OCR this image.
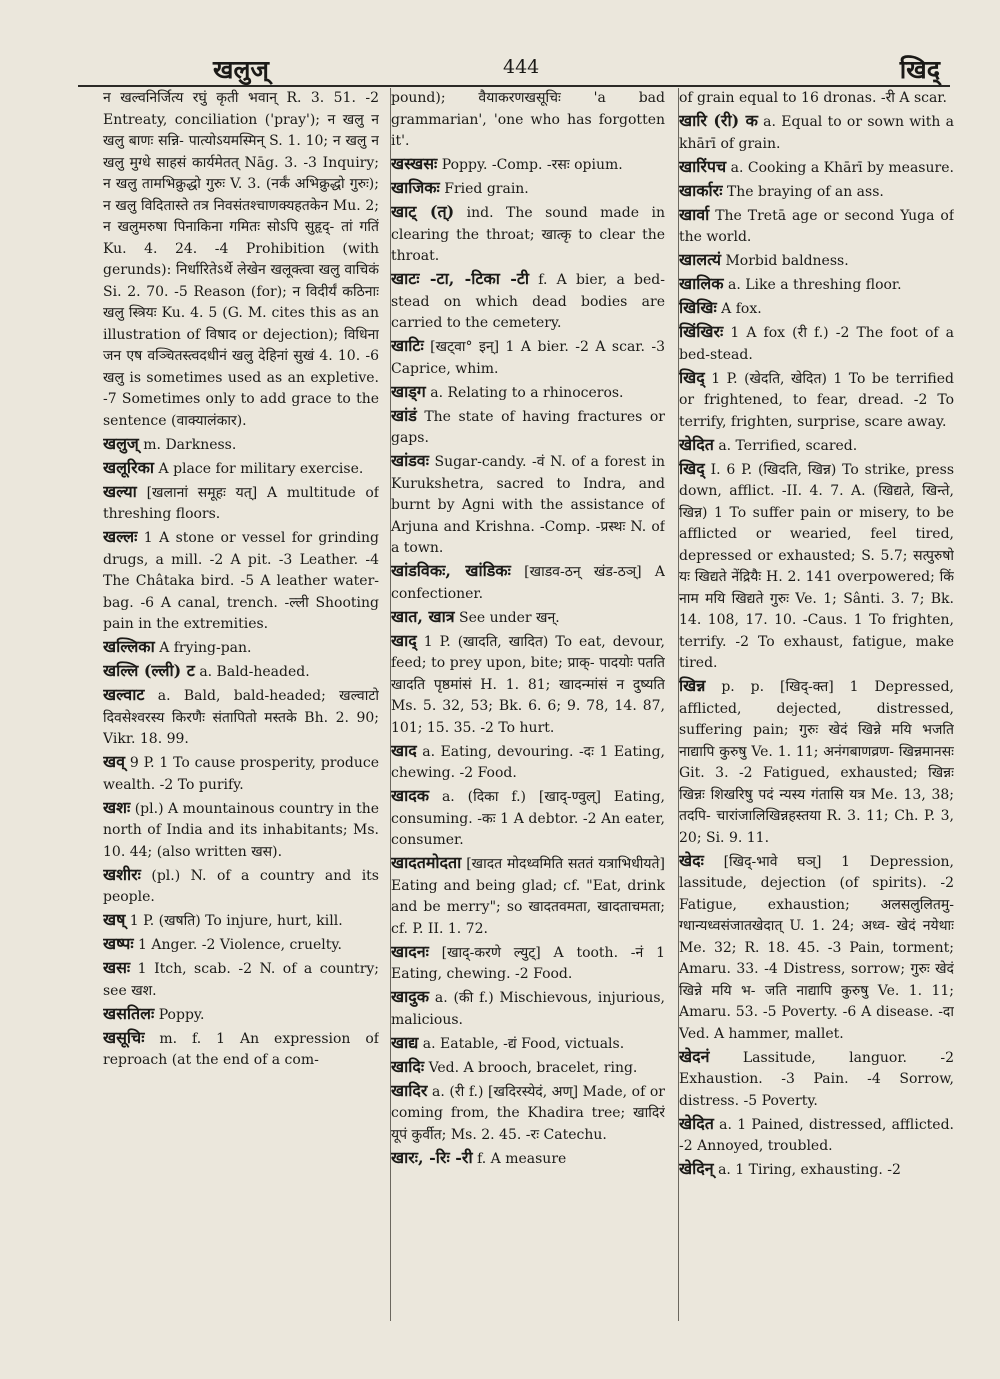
खलुज्	444	खिद्

न खल्वनिर्जित्य रघुं कृती भवान् R. 3. 51. -2 Entreaty, conciliation ('pray'); न खलु न खलु बाणः सन्नि- पात्योऽयमस्मिन् S. 1. 10; न खलु न खलु मुग्धे साहसं कार्यमेतत् Nāg. 3. -3 Inquiry; न खलु तामभिक्रुद्धो गुरुः V. 3. (नर्कं अभिक्रुद्धो गुरुः); न खलु विदितास्ते तत्र निवसंतश्चाणक्यहतकेन Mu. 2; न खलुमरुषा पिनाकिना गमितः सोऽपि सुहृद्- तां गतिं Ku. 4. 24. -4 Prohibition (with gerunds): निर्धारितेऽर्थे लेखेन खलूक्त्वा खलु वाचिकं Si. 2. 70. -5 Reason (for); न विदीर्यं कठिनाः खलु स्त्रियः Ku. 4. 5 (G. M. cites this as an illustration of विषाद or dejection); विधिना जन एष वञ्चितस्त्वदधीनं खलु देहिनां सुखं 4. 10. -6 खलु is sometimes used as an expletive. -7 Sometimes only to add grace to the sentence (वाक्यालंकार).

खलुज् m. Darkness.

खलूरिका A place for military exercise.

खल्या [खलानां समूहः यत्] A multitude of threshing floors.

खल्लः 1 A stone or vessel for grinding drugs, a mill. -2 A pit. -3 Leather. -4 The Châtaka bird. -5 A leather water-bag. -6 A canal, trench. -ल्ली Shooting pain in the extremities.

खल्लिका A frying-pan.

खल्लि (ल्ली) ट a. Bald-headed.

खल्वाट a. Bald, bald-headed; खल्वाटो दिवसेश्वरस्य किरणैः संतापितो मस्तके Bh. 2. 90; Vikr. 18. 99.

खव् 9 P. 1 To cause prosperity, produce wealth. -2 To purify.

खशः (pl.) A mountainous country in the north of India and its inhabitants; Ms. 10. 44; (also written खस).

खशीरः (pl.) N. of a country and its people.

खष् 1 P. (खषति) To injure, hurt, kill.

खष्पः 1 Anger. -2 Violence, cruelty.

खसः 1 Itch, scab. -2 N. of a country; see खश.

खसतिलः Poppy.

खसूचिः m. f. 1 An expression of reproach (at the end of a com-

pound); वैयाकरणखसूचिः 'a bad grammarian', 'one who has forgotten it'.

खस्खसः Poppy. -Comp. -रसः opium.

खाजिकः Fried grain.

खाट् (त्) ind. The sound made in clearing the throat; खात्कृ to clear the throat.

खाटः -टा, -टिका -टी f. A bier, a bed-stead on which dead bodies are carried to the cemetery.

खाटिः [खट्वा° इन्] 1 A bier. -2 A scar. -3 Caprice, whim.

खाड्ग a. Relating to a rhinoceros.

खांडं The state of having fractures or gaps.

खांडवः Sugar-candy. -वं N. of a forest in Kurukshetra, sacred to Indra, and burnt by Agni with the assistance of Arjuna and Krishna. -Comp. -प्रस्थः N. of a town.

खांडविकः, खांडिकः [खाडव-ठन् खंड-ठञ्] A confectioner.

खात, खात्र See under खन्.

खाद् 1 P. (खादति, खादित) To eat, devour, feed; to prey upon, bite; प्राक्- पादयोः पतति खादति पृष्ठमांसं H. 1. 81; खादन्मांसं न दुष्यति Ms. 5. 32, 53; Bk. 6. 6; 9. 78, 14. 87, 101; 15. 35. -2 To hurt.

खाद a. Eating, devouring. -दः 1 Eating, chewing. -2 Food.

खादक a. (दिका f.) [खाद्-ण्वुल्] Eating, consuming. -कः 1 A debtor. -2 An eater, consumer.

खादतमोदता [खादत मोदध्वमिति सततं यत्राभिधीयते] Eating and being glad; cf. "Eat, drink and be merry"; so खादतवमता, खादताचमता; cf. P. II. 1. 72.

खादनः [खाद्-करणे ल्युट्] A tooth. -नं 1 Eating, chewing. -2 Food.

खादुक a. (की f.) Mischievous, injurious, malicious.

खाद्य a. Eatable, -द्यं Food, victuals.

खादिः Ved. A brooch, bracelet, ring.

खादिर a. (री f.) [खदिरस्येदं, अण्] Made, of or coming from, the Khadira tree; खादिरं यूपं कुर्वीत; Ms. 2. 45. -रः Catechu.

खारः, -रिः -री f. A measure

of grain equal to 16 dronas. -री A scar.

खारि (री) क a. Equal to or sown with a khārī of grain.

खारिंपच a. Cooking a Khārī by measure.

खार्कारः The braying of an ass.

खार्वा The Tretā age or second Yuga of the world.

खालत्यं Morbid baldness.

खालिक a. Like a threshing floor.

खिखिः A fox.

खिंखिरः 1 A fox (री f.) -2 The foot of a bed-stead.

खिद् 1 P. (खेदति, खेदित) 1 To be terrified or frightened, to fear, dread. -2 To terrify, frighten, surprise, scare away.

खेदित a. Terrified, scared.

खिद् I. 6 P. (खिदति, खिन्न) To strike, press down, afflict. -II. 4. 7. A. (खिद्यते, खिन्ते, खिन्न) 1 To suffer pain or misery, to be afflicted or wearied, feel tired, depressed or exhausted; S. 5.7; सत्पुरुषो यः खिद्यते नेंद्रियैः H. 2. 141 overpowered; किं नाम मयि खिद्यते गुरुः Ve. 1; Sânti. 3. 7; Bk. 14. 108, 17. 10. -Caus. 1 To frighten, terrify. -2 To exhaust, fatigue, make tired.

खिन्न p. p. [खिद्-क्त] 1 Depressed, afflicted, dejected, distressed, suffering pain; गुरुः खेदं खिन्ने मयि भजति नाद्यापि कुरुषु Ve. 1. 11; अनंगबाणव्रण- खिन्नमानसः Git. 3. -2 Fatigued, exhausted; खिन्नः खिन्नः शिखरिषु पदं न्यस्य गंतासि यत्र Me. 13, 38; तदपि- चारांजालिखिन्नहस्तया R. 3. 11; Ch. P. 3, 20; Si. 9. 11.

खेदः [खिद्-भावे घञ्] 1 Depression, lassitude, dejection (of spirits). -2 Fatigue, exhaustion; अलसलुलितमु- ग्धान्यध्वसंजातखेदात् U. 1. 24; अध्व- खेदं नयेथाः Me. 32; R. 18. 45. -3 Pain, torment; Amaru. 33. -4 Distress, sorrow; गुरुः खेदं खिन्ने मयि भ- जति नाद्यापि कुरुषु Ve. 1. 11; Amaru. 53. -5 Poverty. -6 A disease. -दा Ved. A hammer, mallet.

खेदनं Lassitude, languor. -2 Exhaustion. -3 Pain. -4 Sorrow, distress. -5 Poverty.

खेदित a. 1 Pained, distressed, afflicted. -2 Annoyed, troubled.

खेदिन् a. 1 Tiring, exhausting. -2
